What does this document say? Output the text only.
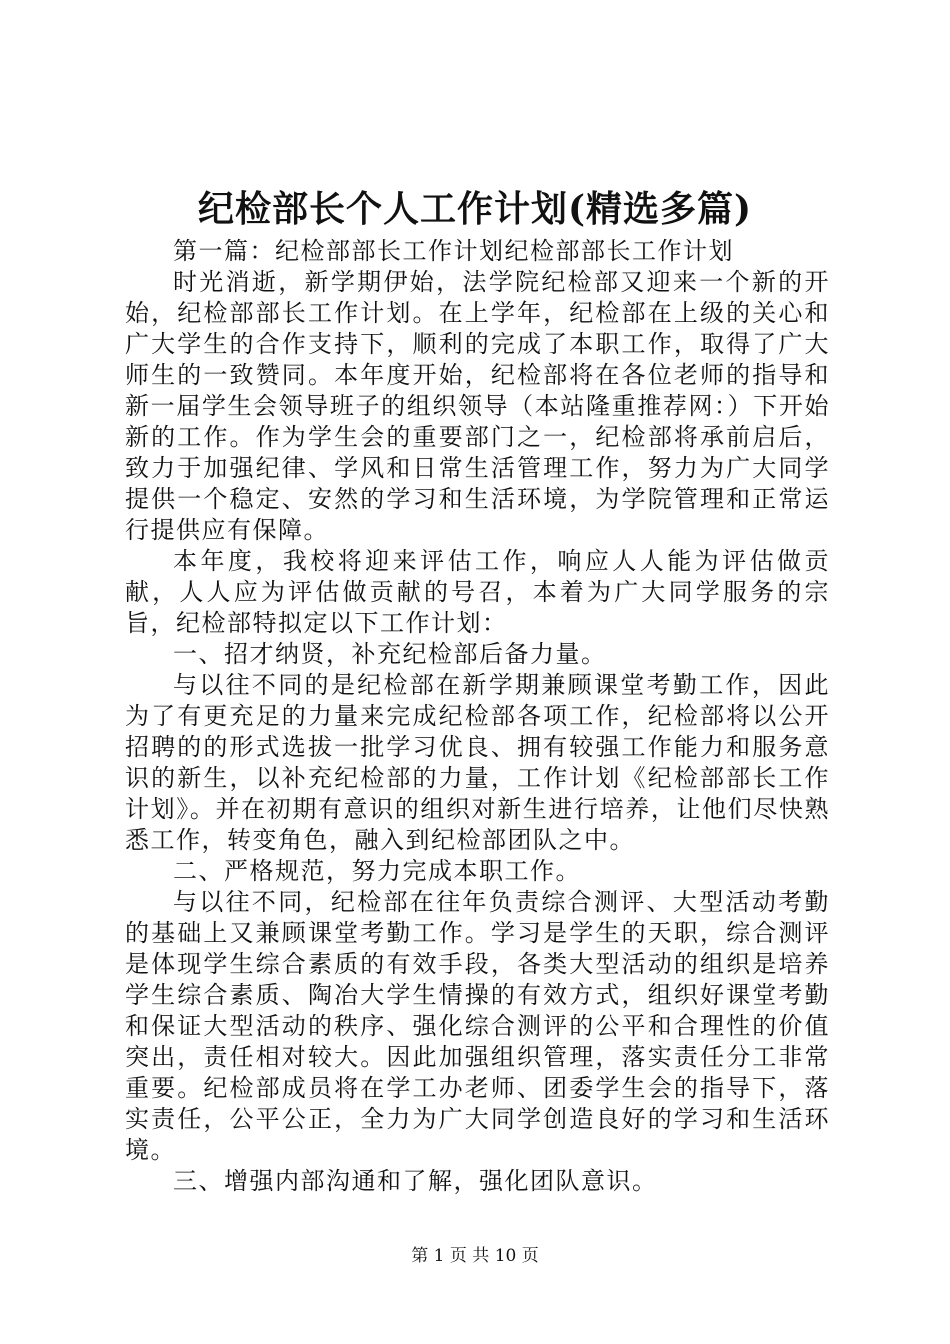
纪检部长个人工作计划(精选多篇)

第一篇：纪检部部长工作计划纪检部部长工作计划

时光消逝，新学期伊始，法学院纪检部又迎来一个新的开始，纪检部部长工作计划。在上学年，纪检部在上级的关心和广大学生的合作支持下，顺利的完成了本职工作，取得了广大师生的一致赞同。本年度开始，纪检部将在各位老师的指导和新一届学生会领导班子的组织领导（本站隆重推荐网：）下开始新的工作。作为学生会的重要部门之一，纪检部将承前启后，致力于加强纪律、学风和日常生活管理工作，努力为广大同学提供一个稳定、安然的学习和生活环境，为学院管理和正常运行提供应有保障。

本年度，我校将迎来评估工作，响应人人能为评估做贡献，人人应为评估做贡献的号召，本着为广大同学服务的宗旨，纪检部特拟定以下工作计划：

一、招才纳贤，补充纪检部后备力量。

与以往不同的是纪检部在新学期兼顾课堂考勤工作，因此为了有更充足的力量来完成纪检部各项工作，纪检部将以公开招聘的的形式选拔一批学习优良、拥有较强工作能力和服务意识的新生，以补充纪检部的力量，工作计划《纪检部部长工作计划》。并在初期有意识的组织对新生进行培养，让他们尽快熟悉工作，转变角色，融入到纪检部团队之中。

二、严格规范，努力完成本职工作。

与以往不同，纪检部在往年负责综合测评、大型活动考勤的基础上又兼顾课堂考勤工作。学习是学生的天职，综合测评是体现学生综合素质的有效手段，各类大型活动的组织是培养学生综合素质、陶冶大学生情操的有效方式，组织好课堂考勤和保证大型活动的秩序、强化综合测评的公平和合理性的价值突出，责任相对较大。因此加强组织管理，落实责任分工非常重要。纪检部成员将在学工办老师、团委学生会的指导下，落实责任，公平公正，全力为广大同学创造良好的学习和生活环境。

三、增强内部沟通和了解，强化团队意识。

第 1 页 共 10 页
